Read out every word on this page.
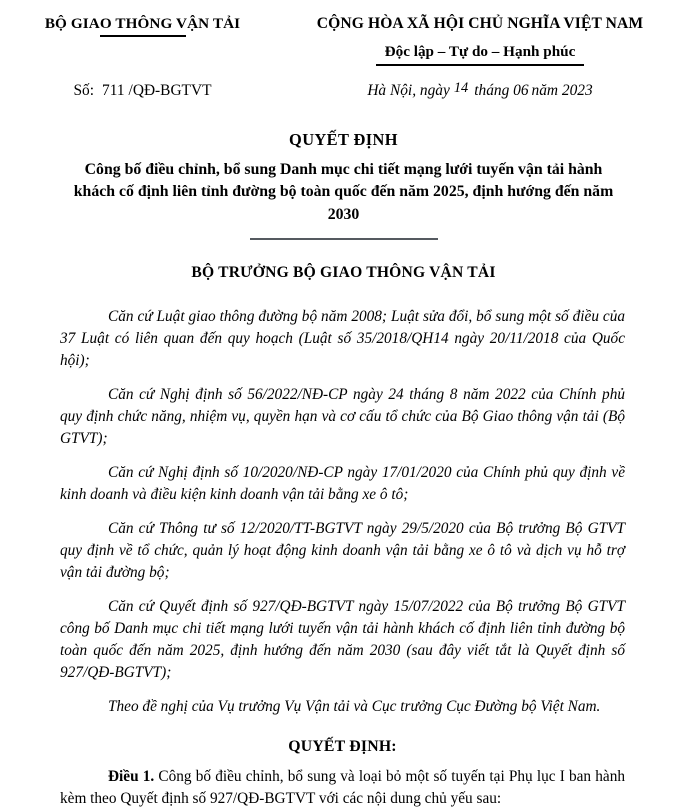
BỘ GIAO THÔNG VẬN TẢI	CỘNG HÒA XÃ HỘI CHỦ NGHĨA VIỆT NAM
Độc lập – Tự do – Hạnh phúc
Số: 711 /QĐ-BGTVT	Hà Nội, ngày 14 tháng 06 năm 2023
QUYẾT ĐỊNH
Công bố điều chỉnh, bổ sung Danh mục chi tiết mạng lưới tuyến vận tải hành khách cố định liên tỉnh đường bộ toàn quốc đến năm 2025, định hướng đến năm 2030
BỘ TRƯỞNG BỘ GIAO THÔNG VẬN TẢI

Căn cứ Luật giao thông đường bộ năm 2008; Luật sửa đổi, bổ sung một số điều của 37 Luật có liên quan đến quy hoạch (Luật số 35/2018/QH14 ngày 20/11/2018 của Quốc hội);

Căn cứ Nghị định số 56/2022/NĐ-CP ngày 24 tháng 8 năm 2022 của Chính phủ quy định chức năng, nhiệm vụ, quyền hạn và cơ cấu tổ chức của Bộ Giao thông vận tải (Bộ GTVT);

Căn cứ Nghị định số 10/2020/NĐ-CP ngày 17/01/2020 của Chính phủ quy định về kinh doanh và điều kiện kinh doanh vận tải bằng xe ô tô;

Căn cứ Thông tư số 12/2020/TT-BGTVT ngày 29/5/2020 của Bộ trưởng Bộ GTVT quy định về tổ chức, quản lý hoạt động kinh doanh vận tải bằng xe ô tô và dịch vụ hỗ trợ vận tải đường bộ;

Căn cứ Quyết định số 927/QĐ-BGTVT ngày 15/07/2022 của Bộ trưởng Bộ GTVT công bố Danh mục chi tiết mạng lưới tuyến vận tải hành khách cố định liên tỉnh đường bộ toàn quốc đến năm 2025, định hướng đến năm 2030 (sau đây viết tắt là Quyết định số 927/QĐ-BGTVT);

Theo đề nghị của Vụ trưởng Vụ Vận tải và Cục trưởng Cục Đường bộ Việt Nam.

QUYẾT ĐỊNH:

Điều 1. Công bố điều chỉnh, bổ sung và loại bỏ một số tuyến tại Phụ lục I ban hành kèm theo Quyết định số 927/QĐ-BGTVT với các nội dung chủ yếu sau:
